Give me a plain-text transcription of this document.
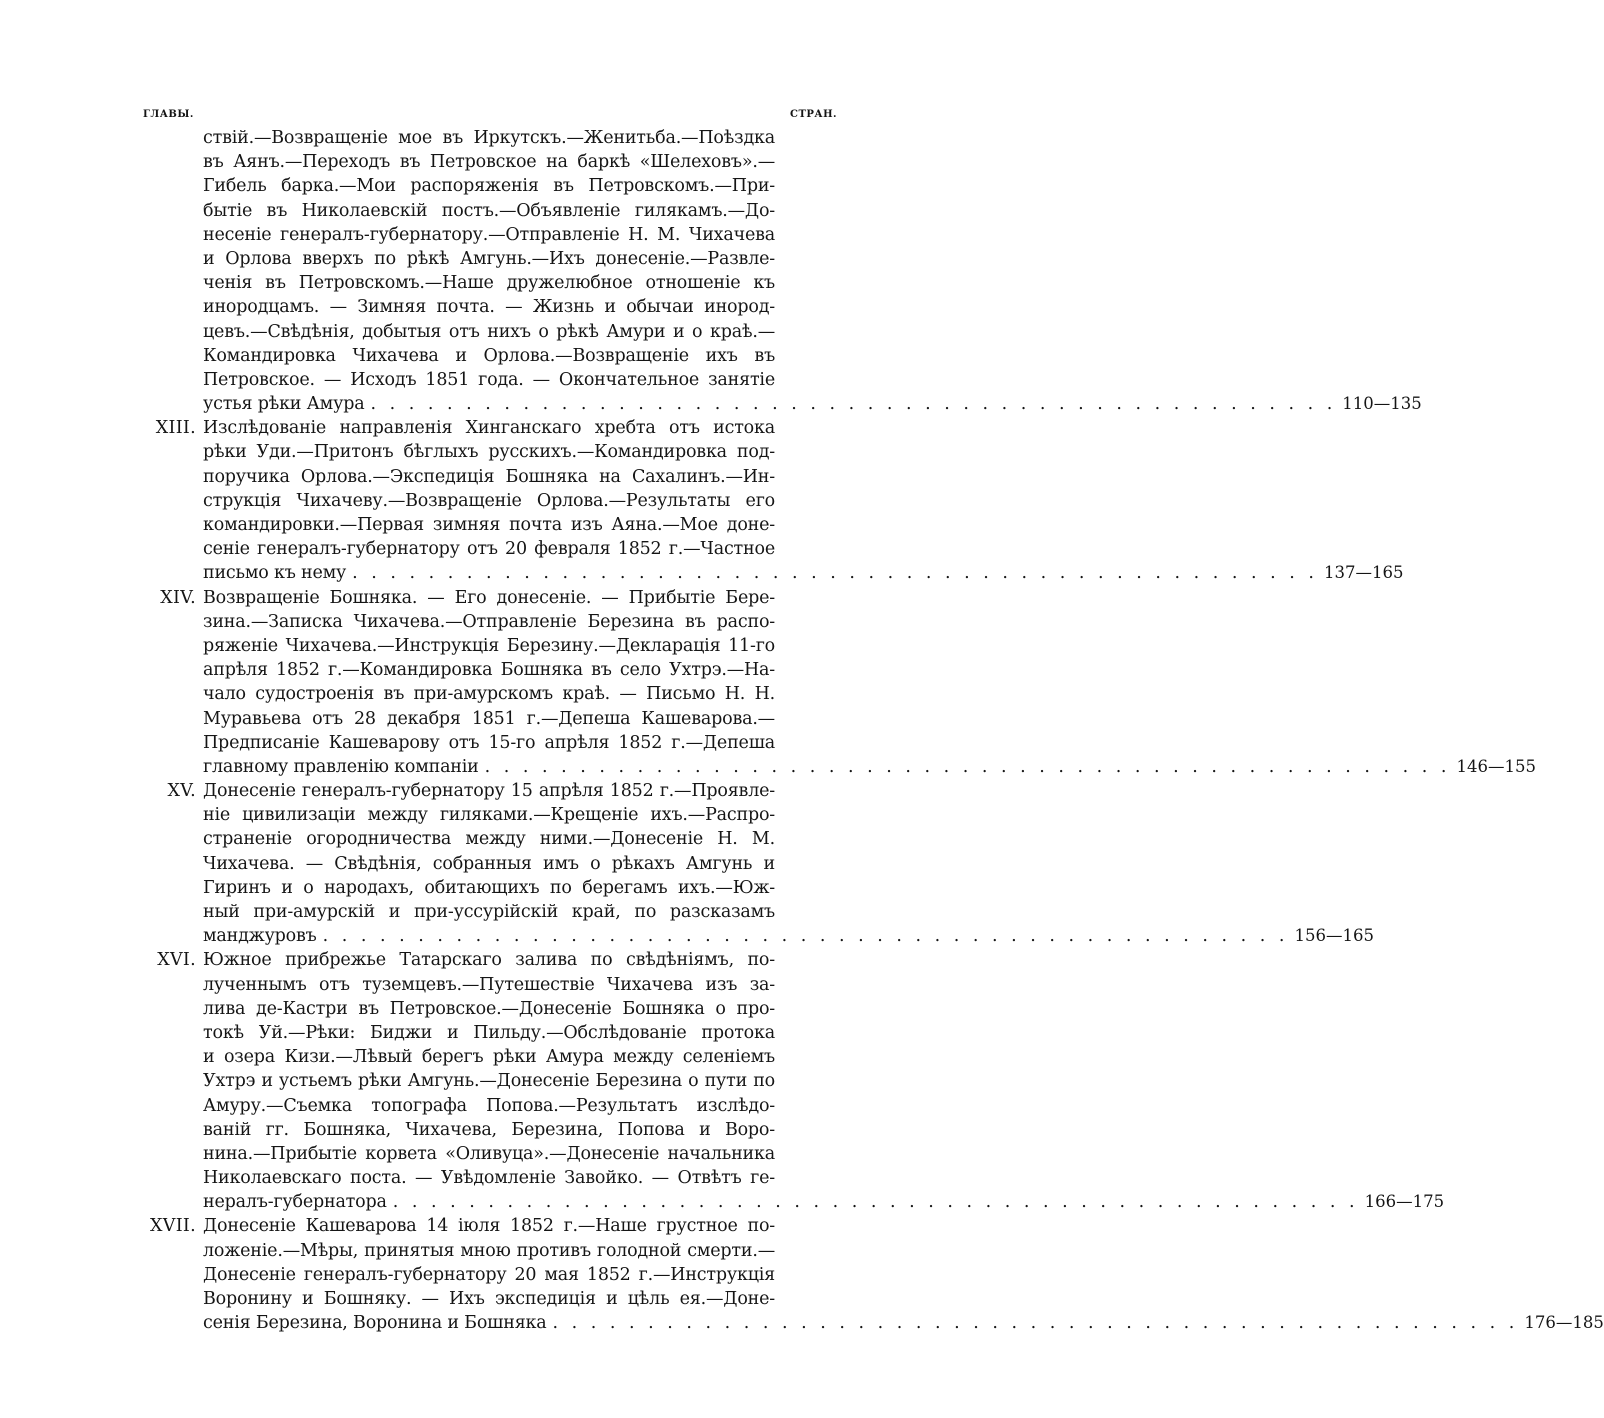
ГЛАВЫ.	СТРАН.
ствій.—Возвращеніе мое въ Иркутскъ.—Женитьба.—Поѣздка
въ Аянъ.—Переходъ въ Петровское на баркѣ «Шелеховъ».—
Гибель барка.—Мои распоряженія въ Петровскомъ.—При-
бытіе въ Николаевскій постъ.—Объявленіе гилякамъ.—До-
несеніе генералъ-губернатору.—Отправленіе Н. М. Чихачева
и Орлова вверхъ по рѣкѣ Амгунь.—Ихъ донесеніе.—Развле-
ченія въ Петровскомъ.—Наше дружелюбное отношеніе къ
инородцамъ. — Зимняя почта. — Жизнь и обычаи инород-
цевъ.—Свѣдѣнія, добытыя отъ нихъ о рѣкѣ Амури и о краѣ.—
Командировка Чихачева и Орлова.—Возвращеніе ихъ въ
Петровское. — Исходъ 1851 года. — Окончательное занятіе
устья рѣки Амура . . . . . . . . . . . . . . . . . . . . . . . . . . . . . . . . . . . . . . . . . . . . . . . . . . . 110—135
XIII. Изслѣдованіе направленія Хинганскаго хребта отъ истока
рѣки Уди.—Притонъ бѣглыхъ русскихъ.—Командировка под-
поручика Орлова.—Экспедиція Бошняка на Сахалинъ.—Ин-
струкція Чихачеву.—Возвращеніе Орлова.—Результаты его
командировки.—Первая зимняя почта изъ Аяна.—Мое доне-
сеніе генералъ-губернатору отъ 20 февраля 1852 г.—Частное
письмо къ нему . . . . . . . . . . . . . . . . . . . . . . . . . . . . . . . . . . . . . . . . . . . . . . . . . . . 137—165
XIV. Возвращеніе Бошняка. — Его донесеніе. — Прибытіе Бере-
зина.—Записка Чихачева.—Отправленіе Березина въ распо-
ряженіе Чихачева.—Инструкція Березину.—Декларація 11-го
апрѣля 1852 г.—Командировка Бошняка въ село Ухтрэ.—На-
чало судостроенія въ при-амурскомъ краѣ. — Письмо Н. Н.
Муравьева отъ 28 декабря 1851 г.—Депеша Кашеварова.—
Предписаніе Кашеварову отъ 15-го апрѣля 1852 г.—Депеша
главному правленію компаніи . . . . . . . . . . . . . . . . . . . . . . . . . . . . . . . . . . . . . . . . . . . . . . . . . . . 146—155
XV. Донесеніе генералъ-губернатору 15 апрѣля 1852 г.—Проявле-
ніе цивилизаціи между гиляками.—Крещеніе ихъ.—Распро-
страненіе огородничества между ними.—Донесеніе Н. М.
Чихачева. — Свѣдѣнія, собранныя имъ о рѣкахъ Амгунь и
Гиринъ и о народахъ, обитающихъ по берегамъ ихъ.—Юж-
ный при-амурскій и при-уссурійскій край, по разсказамъ
манджуровъ . . . . . . . . . . . . . . . . . . . . . . . . . . . . . . . . . . . . . . . . . . . . . . . . . . . 156—165
XVI. Южное прибрежье Татарскаго залива по свѣдѣніямъ, по-
лученнымъ отъ туземцевъ.—Путешествіе Чихачева изъ за-
лива де-Кастри въ Петровское.—Донесеніе Бошняка о про-
токѣ Уй.—Рѣки: Биджи и Пильду.—Обслѣдованіе протока
и озера Кизи.—Лѣвый берегъ рѣки Амура между селеніемъ
Ухтрэ и устьемъ рѣки Амгунь.—Донесеніе Березина о пути по
Амуру.—Съемка топографа Попова.—Результатъ изслѣдо-
ваній гг. Бошняка, Чихачева, Березина, Попова и Воро-
нина.—Прибытіе корвета «Оливуца».—Донесеніе начальника
Николаевскаго поста. — Увѣдомленіе Завойко. — Отвѣтъ ге-
нералъ-губернатора . . . . . . . . . . . . . . . . . . . . . . . . . . . . . . . . . . . . . . . . . . . . . . . . . . . 166—175
XVII. Донесеніе Кашеварова 14 іюля 1852 г.—Наше грустное по-
ложеніе.—Мѣры, принятыя мною противъ голодной смерти.—
Донесеніе генералъ-губернатору 20 мая 1852 г.—Инструкція
Воронину и Бошняку. — Ихъ экспедиція и цѣль ея.—Доне-
сенія Березина, Воронина и Бошняка . . . . . . . . . . . . . . . . . . . . . . . . . . . . . . . . . . . . . . . . . . . . . . . . . . . 176—185
